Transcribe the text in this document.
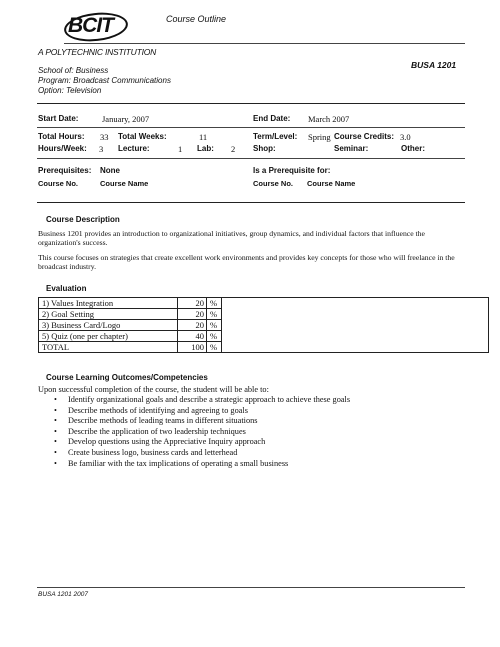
BCIT	Course Outline
A POLYTECHNIC INSTITUTION
BUSA 1201
School of: Business
Program: Broadcast Communications
Option: Television
Start Date:	January, 2007	End Date: March 2007
Total Hours: 33 Total Weeks:	11	Term/Level: Spring Course Credits: 3.0
Hours/Week: 3 Lecture:	1 Lab: 2 Shop:	Seminar:	Other:
Prerequisites: None	Is a Prerequisite for:
Course No.	Course Name	Course No. Course Name
Course Description
Business 1201 provides an introduction to organizational initiatives, group dynamics, and individual factors that influence the organization's success.
This course focuses on strategies that create excellent work environments and provides key concepts for those who will freelance in the broadcast industry.
Evaluation
1) Values Integration	20	%	
2) Goal Setting	20	%	
3) Business Card/Logo	20	%	
5) Quiz (one per chapter)	40	%	
TOTAL	100	%	
Course Learning Outcomes/Competencies
Upon successful completion of the course, the student will be able to:
• Identify organizational goals and describe a strategic approach to achieve these goals
• Describe methods of identifying and agreeing to goals
• Describe methods of leading teams in different situations
• Describe the application of two leadership techniques
• Develop questions using the Appreciative Inquiry approach
• Create business logo, business cards and letterhead
• Be familiar with the tax implications of operating a small business
BUSA 1201 2007
